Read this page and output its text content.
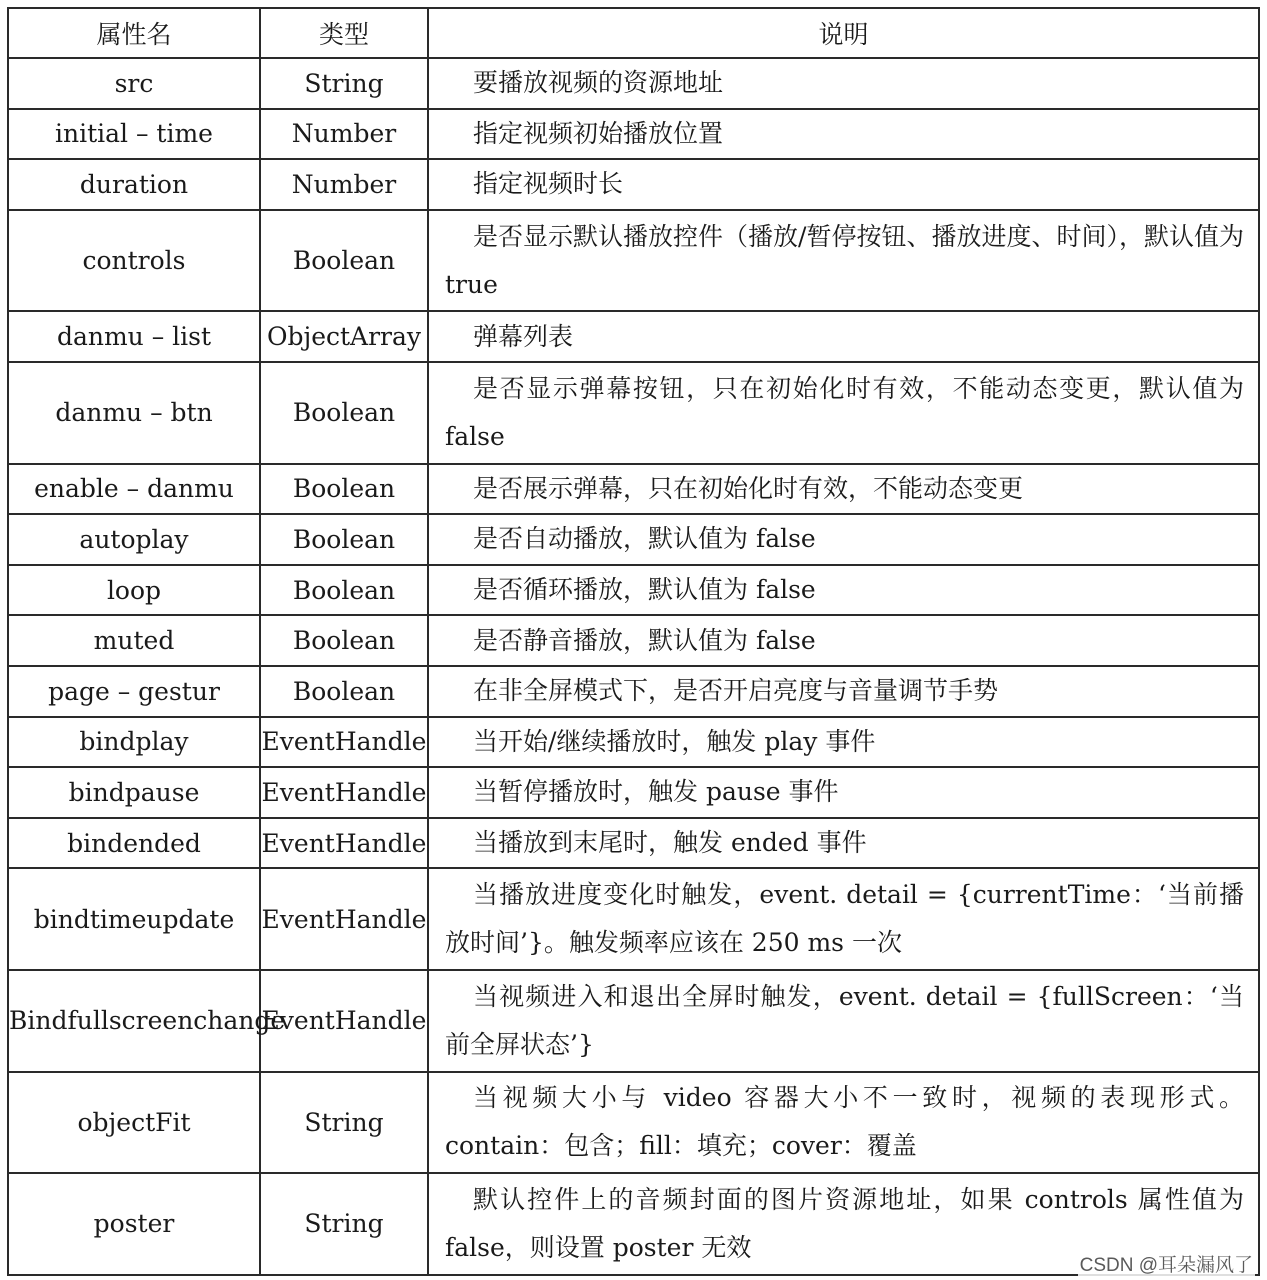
属性名	类型	说明
src	String	要播放视频的资源地址
initial – time	Number	指定视频初始播放位置
duration	Number	指定视频时长
controls	Boolean	是否显示默认播放控件（播放/暂停按钮、播放进度、时间），默认值为 true
danmu – list	ObjectArray	弹幕列表
danmu – btn	Boolean	是否显示弹幕按钮，只在初始化时有效，不能动态变更，默认值为 false
enable – danmu	Boolean	是否展示弹幕，只在初始化时有效，不能动态变更
autoplay	Boolean	是否自动播放，默认值为 false
loop	Boolean	是否循环播放，默认值为 false
muted	Boolean	是否静音播放，默认值为 false
page – gestur	Boolean	在非全屏模式下，是否开启亮度与音量调节手势
bindplay	EventHandle	当开始/继续播放时，触发 play 事件
bindpause	EventHandle	当暂停播放时，触发 pause 事件
bindended	EventHandle	当播放到末尾时，触发 ended 事件
bindtimeupdate	EventHandle	当播放进度变化时触发，event. detail = {currentTime：‘当前播放时间’}。触发频率应该在 250 ms 一次
Bindfullscreenchange	EventHandle	当视频进入和退出全屏时触发，event. detail = {fullScreen：‘当前全屏状态’}
objectFit	String	当视频大小与 video 容器大小不一致时，视频的表现形式。contain：包含；fill：填充；cover：覆盖
poster	String	默认控件上的音频封面的图片资源地址，如果 controls 属性值为 false，则设置 poster 无效
CSDN @耳朵漏风了
